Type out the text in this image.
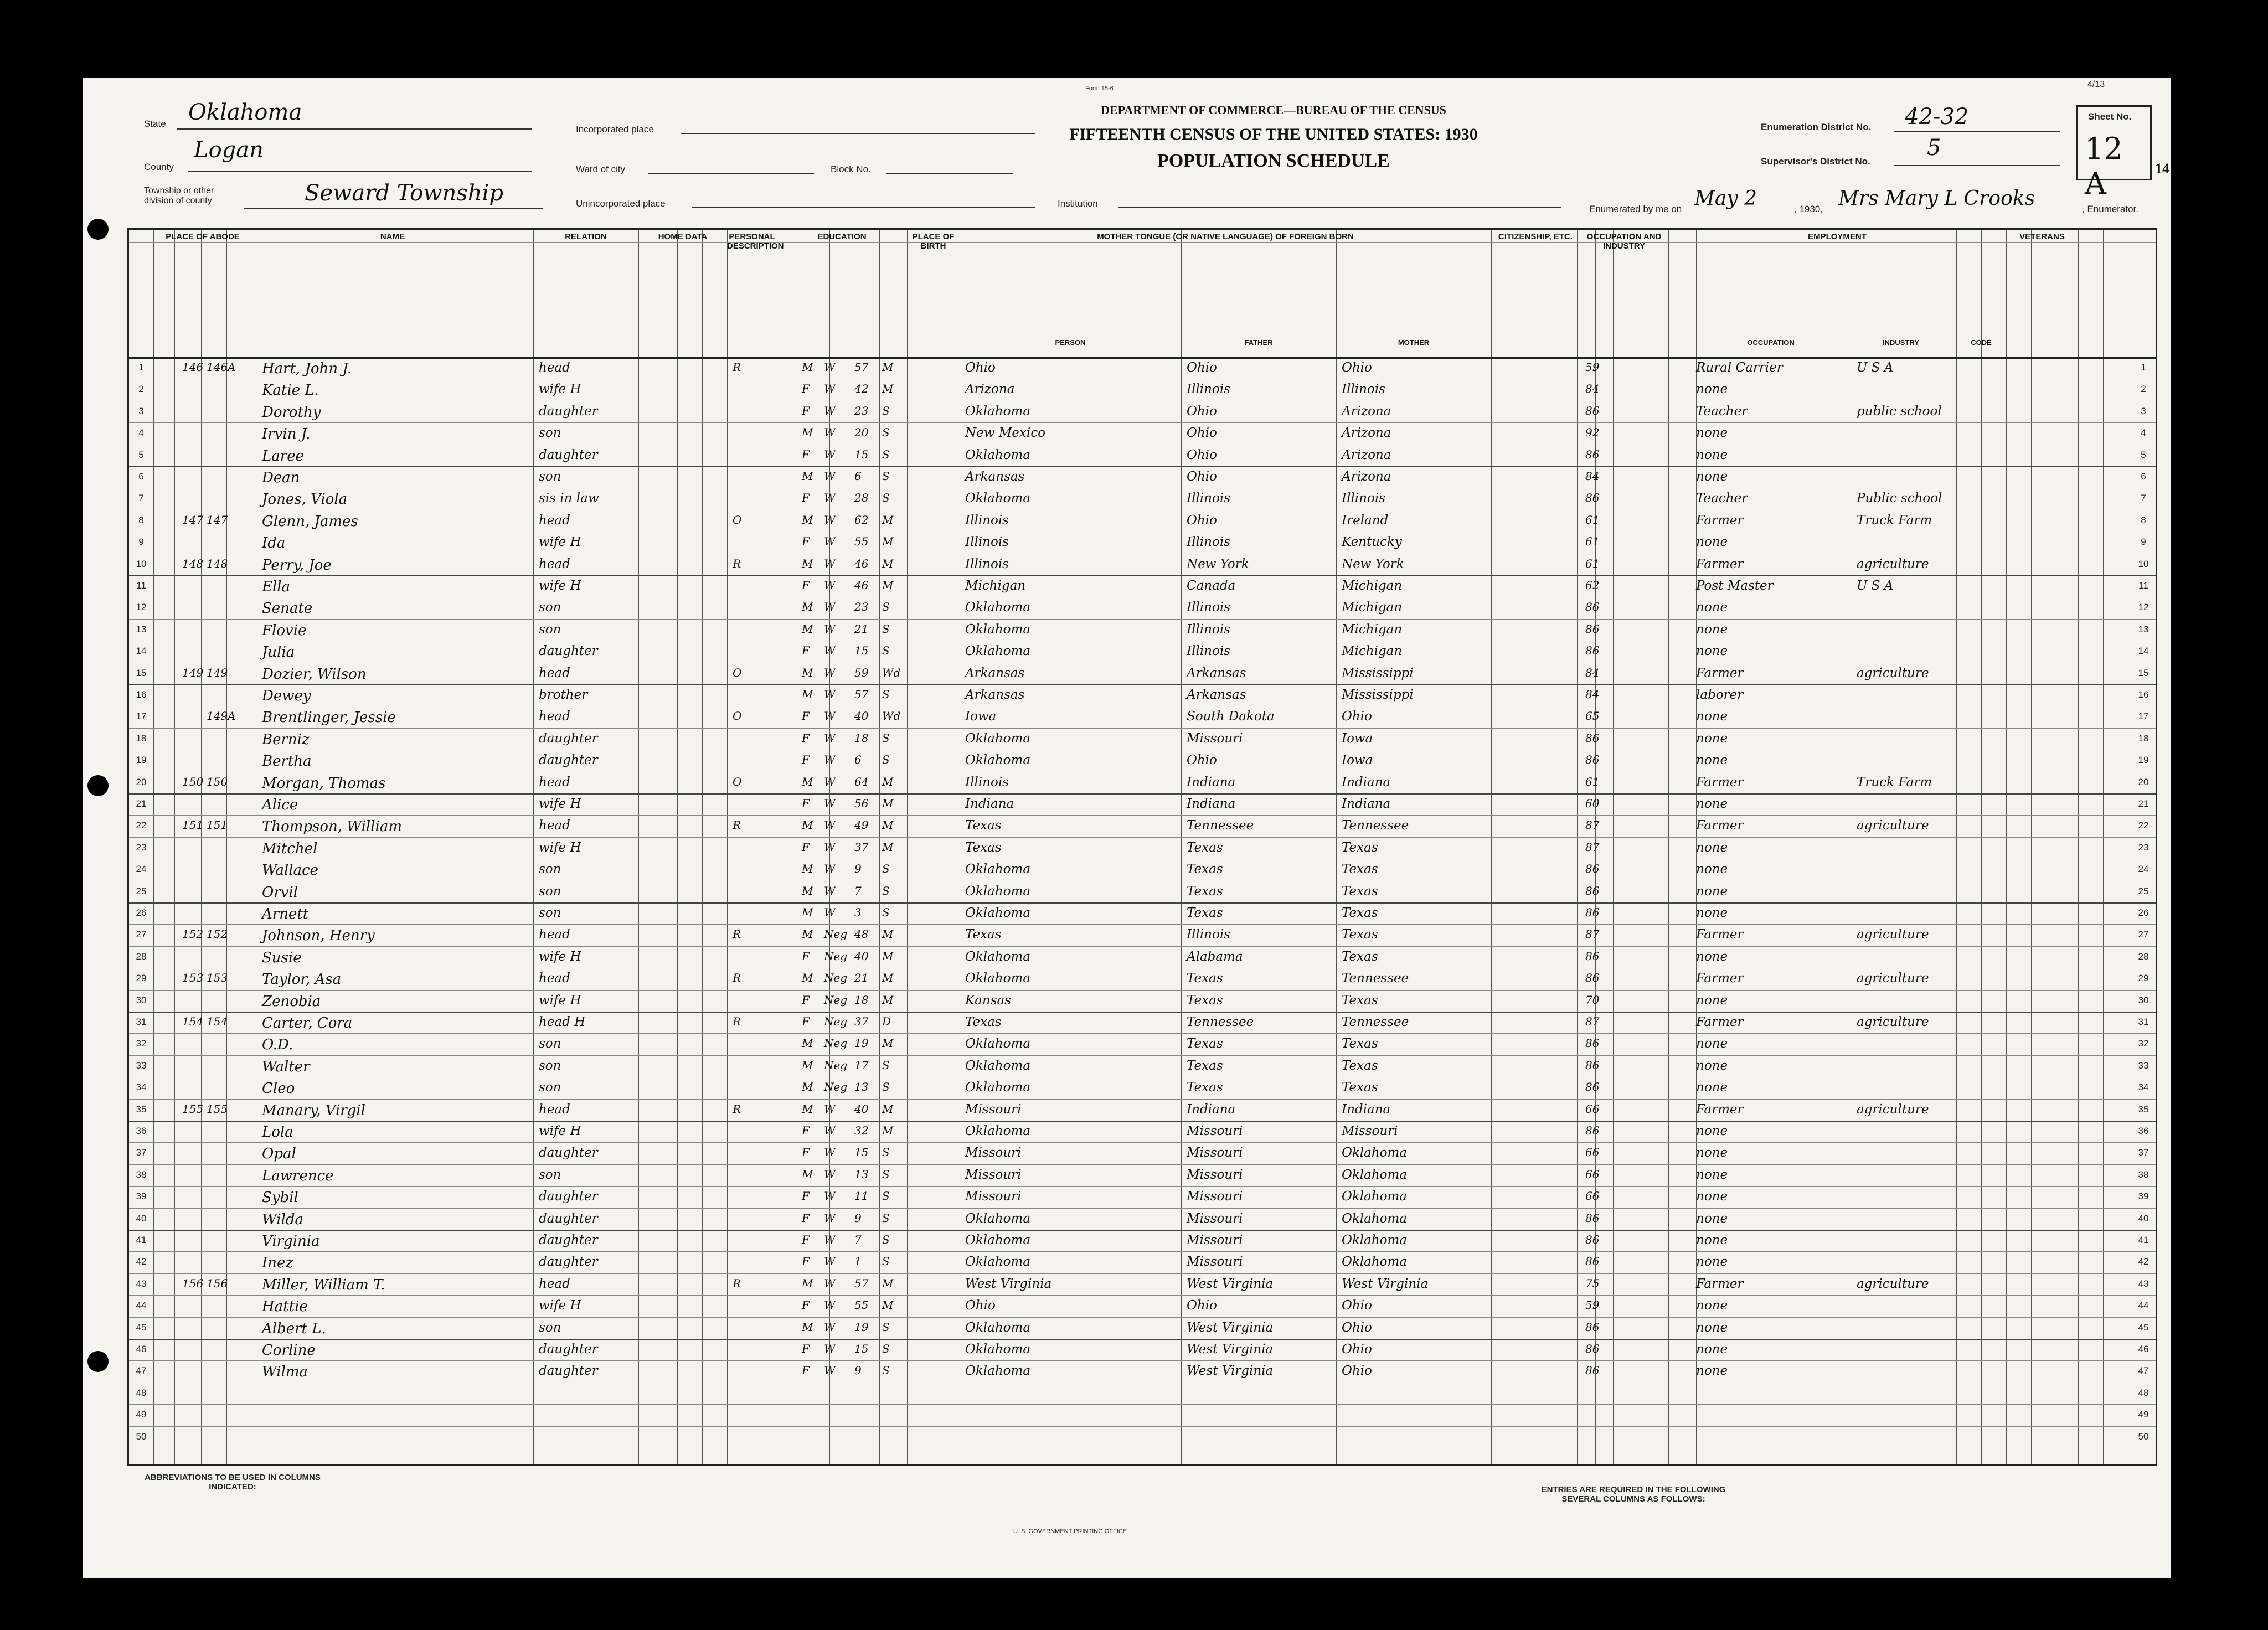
Form 15-6	4/13
DEPARTMENT OF COMMERCE—BUREAU OF THE CENSUS
FIFTEENTH CENSUS OF THE UNITED STATES: 1930
POPULATION SCHEDULE
State Oklahoma
County
Logan
Township or other division of county	Seward Township
Incorporated place
Ward of city	Block No.
Unincorporated place	Institution
Enumeration District No. 42-32
Supervisor's District No.
5
Sheet No.
12 A	14
Enumerated by me on May 2	, 1930, Mrs Mary L Crooks	, Enumerator.
PLACE OF ABODE	NAME	RELATION	HOME DATA	PERSONAL DESCRIPTION
EDUCATION	PLACE OF BIRTH
MOTHER TONGUE (OR NATIVE LANGUAGE) OF FOREIGN BORN	CITIZENSHIP, ETC.	OCCUPATION AND INDUSTRY
EMPLOYMENT	VETERANS
PERSON	FATHER	MOTHER	OCCUPATION	INDUSTRY	CODE
1	1
146 146A Hart, John J.	head	R	M W 57 M	Ohio	Ohio	Ohio	59	Rural Carrier	U S A
2	2
Katie L.	wife H	F W 42 M	Arizona	Illinois	Illinois	84	none
3	3
Dorothy	daughter	F W 23 S	Oklahoma	Ohio	Arizona	86	Teacher	public school
4	4
Irvin J.	son	M W 20 S	New Mexico	Ohio	Arizona	92	none
5	5
Laree	daughter	F W 15 S	Oklahoma	Ohio	Arizona	86	none
6	6
Dean	son	M W 6 S	Arkansas	Ohio	Arizona	84	none
7	7
Jones, Viola	sis in law	F W 28 S	Oklahoma	Illinois	Illinois	86	Teacher	Public school
8	8
147 147 Glenn, James	head	O	M W 62 M	Illinois	Ohio	Ireland	61	Farmer	Truck Farm
9	9
Ida	wife H	F W 55 M	Illinois	Illinois	Kentucky	61	none
10	10
148 148 Perry, Joe	head	R	M W 46 M	Illinois	New York	New York	61	Farmer	agriculture
11	11
Ella	wife H	F W 46 M	Michigan	Canada	Michigan	62	Post Master	U S A
12	12
Senate	son	M W 23 S	Oklahoma	Illinois	Michigan	86	none
13	13
Flovie	son	M W 21 S	Oklahoma	Illinois	Michigan	86	none
14	14
Julia	daughter	F W 15 S	Oklahoma	Illinois	Michigan	86	none
15	15
149 149 Dozier, Wilson	head	O	M W 59 Wd	Arkansas	Arkansas	Mississippi	84	Farmer	agriculture
16	16
Dewey	brother	M W 57 S	Arkansas	Arkansas	Mississippi	84	laborer
17	17
149A Brentlinger, Jessie	head	O	F W 40 Wd	Iowa	South Dakota	Ohio	65	none
18	18
Berniz	daughter	F W 18 S	Oklahoma	Missouri	Iowa	86	none
19	19
Bertha	daughter	F W 6 S	Oklahoma	Ohio	Iowa	86	none
20	20
150 150 Morgan, Thomas	head	O	M W 64 M	Illinois	Indiana	Indiana	61	Farmer	Truck Farm
21	21
Alice	wife H	F W 56 M	Indiana	Indiana	Indiana	60	none
22	22
151 151 Thompson, William	head	R	M W 49 M	Texas	Tennessee	Tennessee	87	Farmer	agriculture
23	23
Mitchel	wife H	F W 37 M	Texas	Texas	Texas	87	none
24	24
Wallace	son	M W 9 S	Oklahoma	Texas	Texas	86	none
25	25
Orvil	son	M W 7 S	Oklahoma	Texas	Texas	86	none
26	26
Arnett	son	M W 3 S	Oklahoma	Texas	Texas	86	none
27	27
152 152 Johnson, Henry	head	R	M Neg 48 M	Texas	Illinois	Texas	87	Farmer	agriculture
28	28
Susie	wife H	F Neg 40 M	Oklahoma	Alabama	Texas	86	none
29	29
153 153 Taylor, Asa	head	R	M Neg 21 M	Oklahoma	Texas	Tennessee	86	Farmer	agriculture
30	30
Zenobia	wife H	F Neg 18 M	Kansas	Texas	Texas	70	none
31	31
154 154 Carter, Cora	head H	R	F Neg 37 D	Texas	Tennessee	Tennessee	87	Farmer	agriculture
32	32
O.D.	son	M Neg 19 M	Oklahoma	Texas	Texas	86	none
33	33
Walter	son	M Neg 17 S	Oklahoma	Texas	Texas	86	none
34	34
Cleo	son	M Neg 13 S	Oklahoma	Texas	Texas	86	none
35	35
155 155 Manary, Virgil	head	R	M W 40 M	Missouri	Indiana	Indiana	66	Farmer	agriculture
36	36
Lola	wife H	F W 32 M	Oklahoma	Missouri	Missouri	86	none
37	37
Opal	daughter	F W 15 S	Missouri	Missouri	Oklahoma	66	none
38	38
Lawrence	son	M W 13 S	Missouri	Missouri	Oklahoma	66	none
39	39
Sybil	daughter	F W 11 S	Missouri	Missouri	Oklahoma	66	none
40	40
Wilda	daughter	F W 9 S	Oklahoma	Missouri	Oklahoma	86	none
41	41
Virginia	daughter	F W 7 S	Oklahoma	Missouri	Oklahoma	86	none
42	42
Inez	daughter	F W 1 S	Oklahoma	Missouri	Oklahoma	86	none
43	43
156 156 Miller, William T.	head	R	M W 57 M	West Virginia	West Virginia	West Virginia	75	Farmer	agriculture
44	44
Hattie	wife H	F W 55 M	Ohio	Ohio	Ohio	59	none
45	45
Albert L.	son	M W 19 S	Oklahoma	West Virginia	Ohio	86	none
46	46
Corline	daughter	F W 15 S	Oklahoma	West Virginia	Ohio	86	none
47	47
Wilma	daughter	F W 9 S	Oklahoma	West Virginia	Ohio	86	none
48	48
49	49
50	50
ABBREVIATIONS TO BE USED IN COLUMNS INDICATED:	ENTRIES ARE REQUIRED IN THE FOLLOWING SEVERAL COLUMNS AS FOLLOWS:
U. S. GOVERNMENT PRINTING OFFICE
